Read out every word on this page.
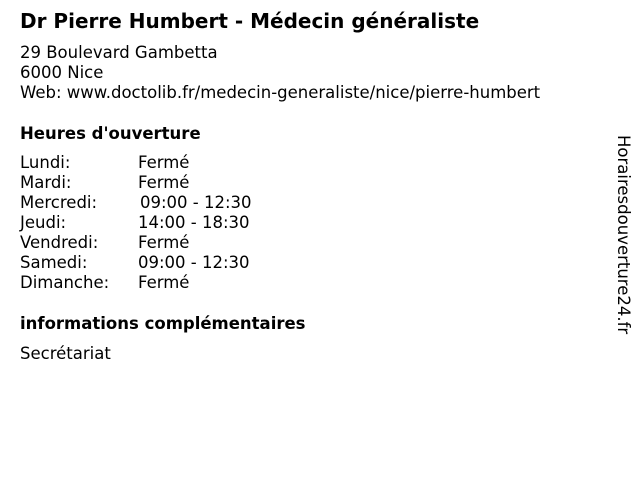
Dr Pierre Humbert - Médecin généraliste
29 Boulevard Gambetta
6000 Nice
Web: www.doctolib.fr/medecin-generaliste/nice/pierre-humbert
Heures d'ouverture
Lundi:	Fermé
Mardi:	Fermé
Mercredi:	09:00 - 12:30
Jeudi:	14:00 - 18:30
Vendredi: Fermé
Samedi:	09:00 - 12:30
Dimanche: Fermé
informations complémentaires
Secrétariat
Horairesdouverture24.fr
